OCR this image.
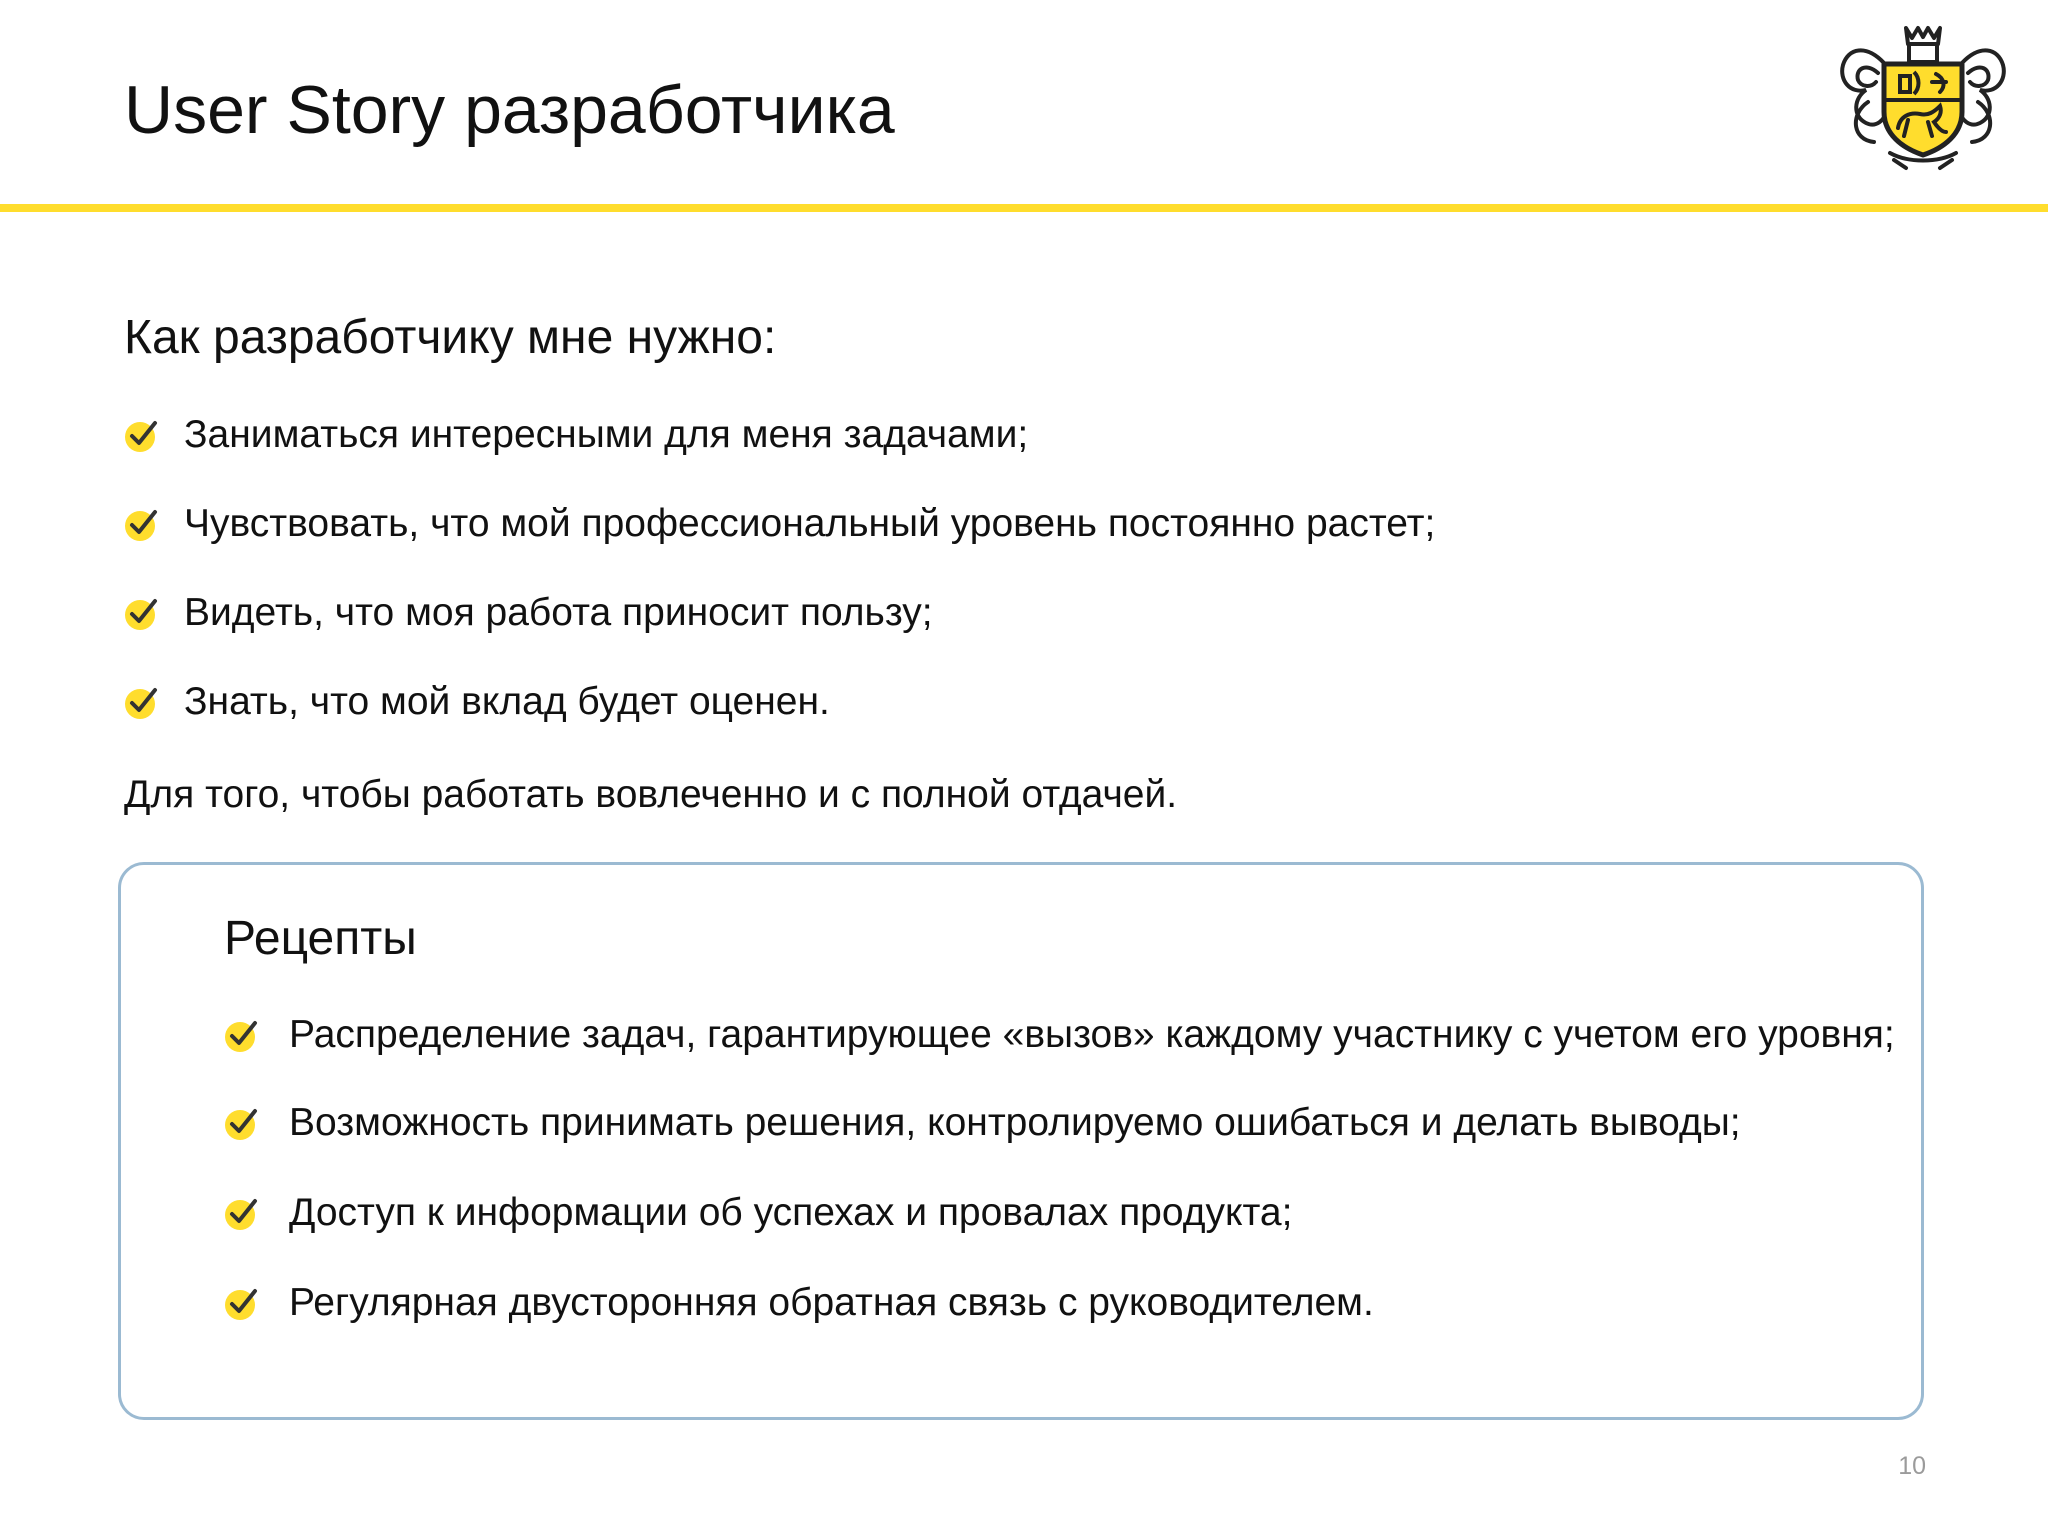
User Story разработчика
Как разработчику мне нужно:
Заниматься интересными для меня задачами;
Чувствовать, что мой профессиональный уровень постоянно растет;
Видеть, что моя работа приносит пользу;
Знать, что мой вклад будет оценен.

Для того, чтобы работать вовлеченно и с полной отдачей.

Рецепты
Распределение задач, гарантирующее «вызов» каждому участнику с учетом его уровня;
Возможность принимать решения, контролируемо ошибаться и делать выводы;
Доступ к информации об успехах и провалах продукта;
Регулярная двусторонняя обратная связь с руководителем.
10
